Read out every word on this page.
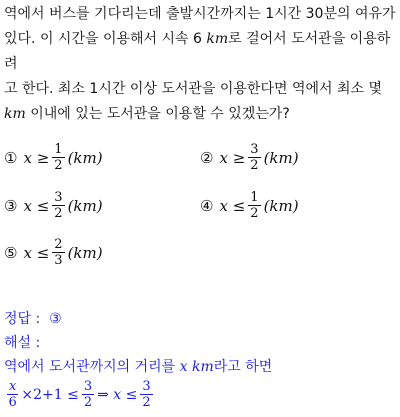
역에서 버스를 기다리는데 출발시간까지는 1시간 30분의 여유가
있다. 이 시간을 이용해서 시속 6 km로 걸어서 도서관을 이용하려
고 한다. 최소 1시간 이상 도서관을 이용한다면 역에서 최소 몇
km 이내에 있는 도서관을 이용할 수 있겠는가?
① x
≥ $\frac{1}{2} (km)$	② x
≥ $\frac{3}{2} (km)$
③ x
≤ $\frac{3}{2} (km)$	④ x
≤ $\frac{1}{2} (km)$
⑤ x
≤ $\frac{2}{3} (km)$
정답 : ③
해설 :
역에서 도서관까지의 거리를 x km라고 하면
$\frac{x}{6} \times 2+1 \le \frac{3}{2}$ ⇒ $x \le \frac{3}{2}$
